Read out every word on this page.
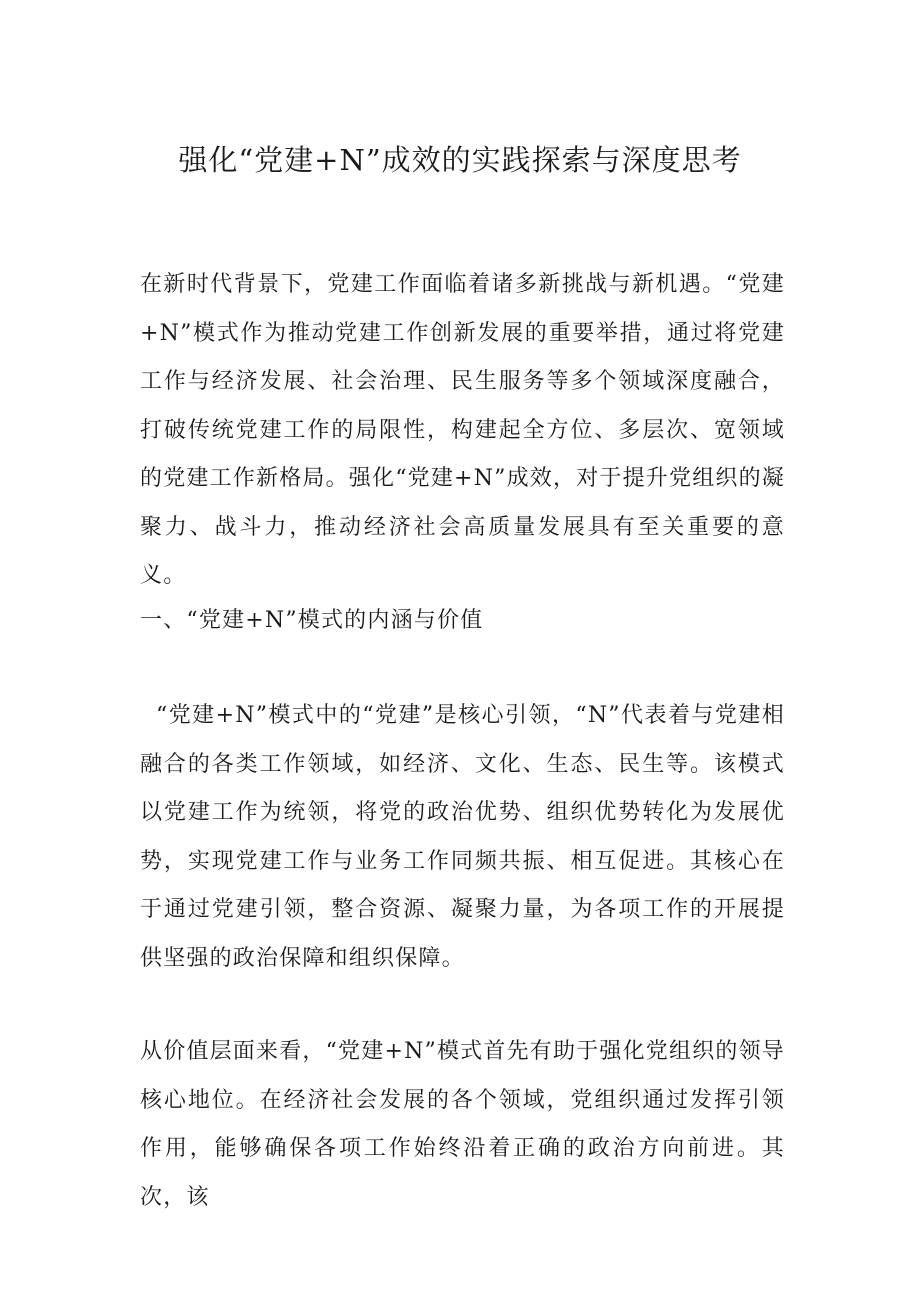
强化“党建+N”成效的实践探索与深度思考

在新时代背景下，党建工作面临着诸多新挑战与新机遇。“党建+N”模式作为推动党建工作创新发展的重要举措，通过将党建工作与经济发展、社会治理、民生服务等多个领域深度融合，打破传统党建工作的局限性，构建起全方位、多层次、宽领域的党建工作新格局。强化“党建+N”成效，对于提升党组织的凝聚力、战斗力，推动经济社会高质量发展具有至关重要的意义。

一、“党建+N”模式的内涵与价值

“党建+N”模式中的“党建”是核心引领，“N”代表着与党建相融合的各类工作领域，如经济、文化、生态、民生等。该模式以党建工作为统领，将党的政治优势、组织优势转化为发展优势，实现党建工作与业务工作同频共振、相互促进。其核心在于通过党建引领，整合资源、凝聚力量，为各项工作的开展提供坚强的政治保障和组织保障。

从价值层面来看，“党建+N”模式首先有助于强化党组织的领导核心地位。在经济社会发展的各个领域，党组织通过发挥引领作用，能够确保各项工作始终沿着正确的政治方向前进。其次，该
